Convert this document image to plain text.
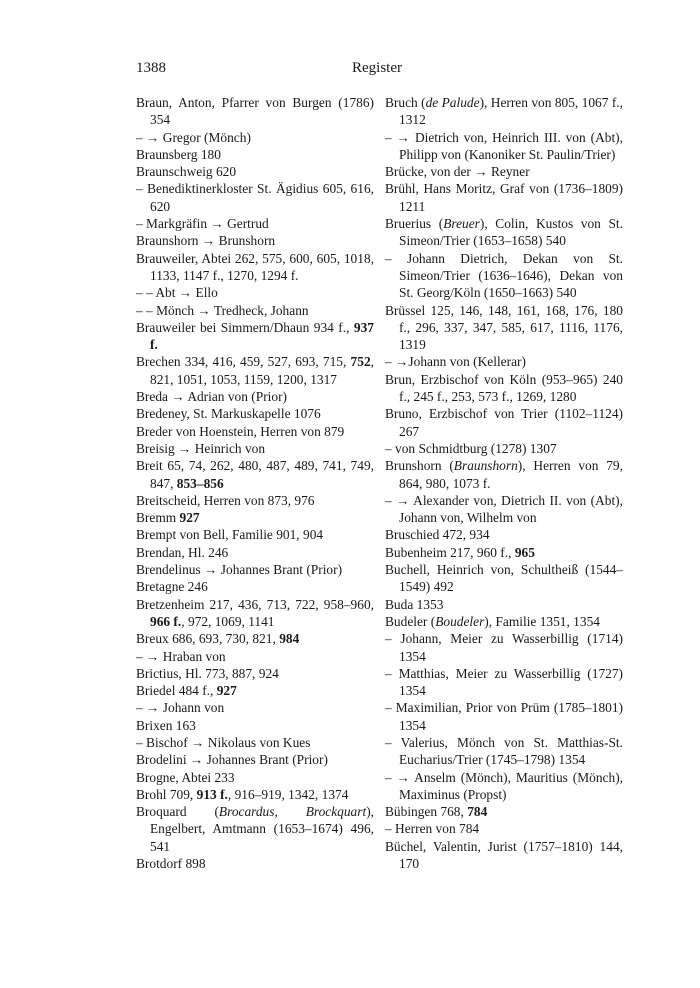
1388	Register
Braun, Anton, Pfarrer von Burgen (1786) 354
– → Gregor (Mönch)
Braunsberg 180
Braunschweig 620
– Benediktinerkloster St. Ägidius 605, 616, 620
– Markgräfin → Gertrud
Braunshorn → Brunshorn
Brauweiler, Abtei 262, 575, 600, 605, 1018, 1133, 1147 f., 1270, 1294 f.
– – Abt → Ello
– – Mönch → Tredheck, Johann
Brauweiler bei Simmern/Dhaun 934 f., 937 f.
Brechen 334, 416, 459, 527, 693, 715, 752, 821, 1051, 1053, 1159, 1200, 1317
Breda → Adrian von (Prior)
Bredeney, St. Markuskapelle 1076
Breder von Hoenstein, Herren von 879
Breisig → Heinrich von
Breit 65, 74, 262, 480, 487, 489, 741, 749, 847, 853–856
Breitscheid, Herren von 873, 976
Bremm 927
Brempt von Bell, Familie 901, 904
Brendan, Hl. 246
Brendelinus → Johannes Brant (Prior)
Bretagne 246
Bretzenheim 217, 436, 713, 722, 958–960, 966 f., 972, 1069, 1141
Breux 686, 693, 730, 821, 984
– → Hraban von
Brictius, Hl. 773, 887, 924
Briedel 484 f., 927
– → Johann von
Brixen 163
– Bischof → Nikolaus von Kues
Brodelini → Johannes Brant (Prior)
Brogne, Abtei 233
Brohl 709, 913 f., 916–919, 1342, 1374
Broquard (Brocardus, Brockquart), Engelbert, Amtmann (1653–1674) 496, 541
Brotdorf 898
Bruch (de Palude), Herren von 805, 1067 f., 1312
– → Dietrich von, Heinrich III. von (Abt), Philipp von (Kanoniker St. Paulin/Trier)
Brücke, von der → Reyner
Brühl, Hans Moritz, Graf von (1736–1809) 1211
Bruerius (Breuer), Colin, Kustos von St. Simeon/Trier (1653–1658) 540
– Johann Dietrich, Dekan von St. Simeon/Trier (1636–1646), Dekan von St. Georg/Köln (1650–1663) 540
Brüssel 125, 146, 148, 161, 168, 176, 180 f., 296, 337, 347, 585, 617, 1116, 1176, 1319
– →Johann von (Kellerar)
Brun, Erzbischof von Köln (953–965) 240 f., 245 f., 253, 573 f., 1269, 1280
Bruno, Erzbischof von Trier (1102–1124) 267
– von Schmidtburg (1278) 1307
Brunshorn (Braunshorn), Herren von 79, 864, 980, 1073 f.
– → Alexander von, Dietrich II. von (Abt), Johann von, Wilhelm von
Bruschied 472, 934
Bubenheim 217, 960 f., 965
Buchell, Heinrich von, Schultheiß (1544–1549) 492
Buda 1353
Budeler (Boudeler), Familie 1351, 1354
– Johann, Meier zu Wasserbillig (1714) 1354
– Matthias, Meier zu Wasserbillig (1727) 1354
– Maximilian, Prior von Prüm (1785–1801) 1354
– Valerius, Mönch von St. Matthias-St. Eucharius/Trier (1745–1798) 1354
– → Anselm (Mönch), Mauritius (Mönch), Maximinus (Propst)
Bübingen 768, 784
– Herren von 784
Büchel, Valentin, Jurist (1757–1810) 144, 170
